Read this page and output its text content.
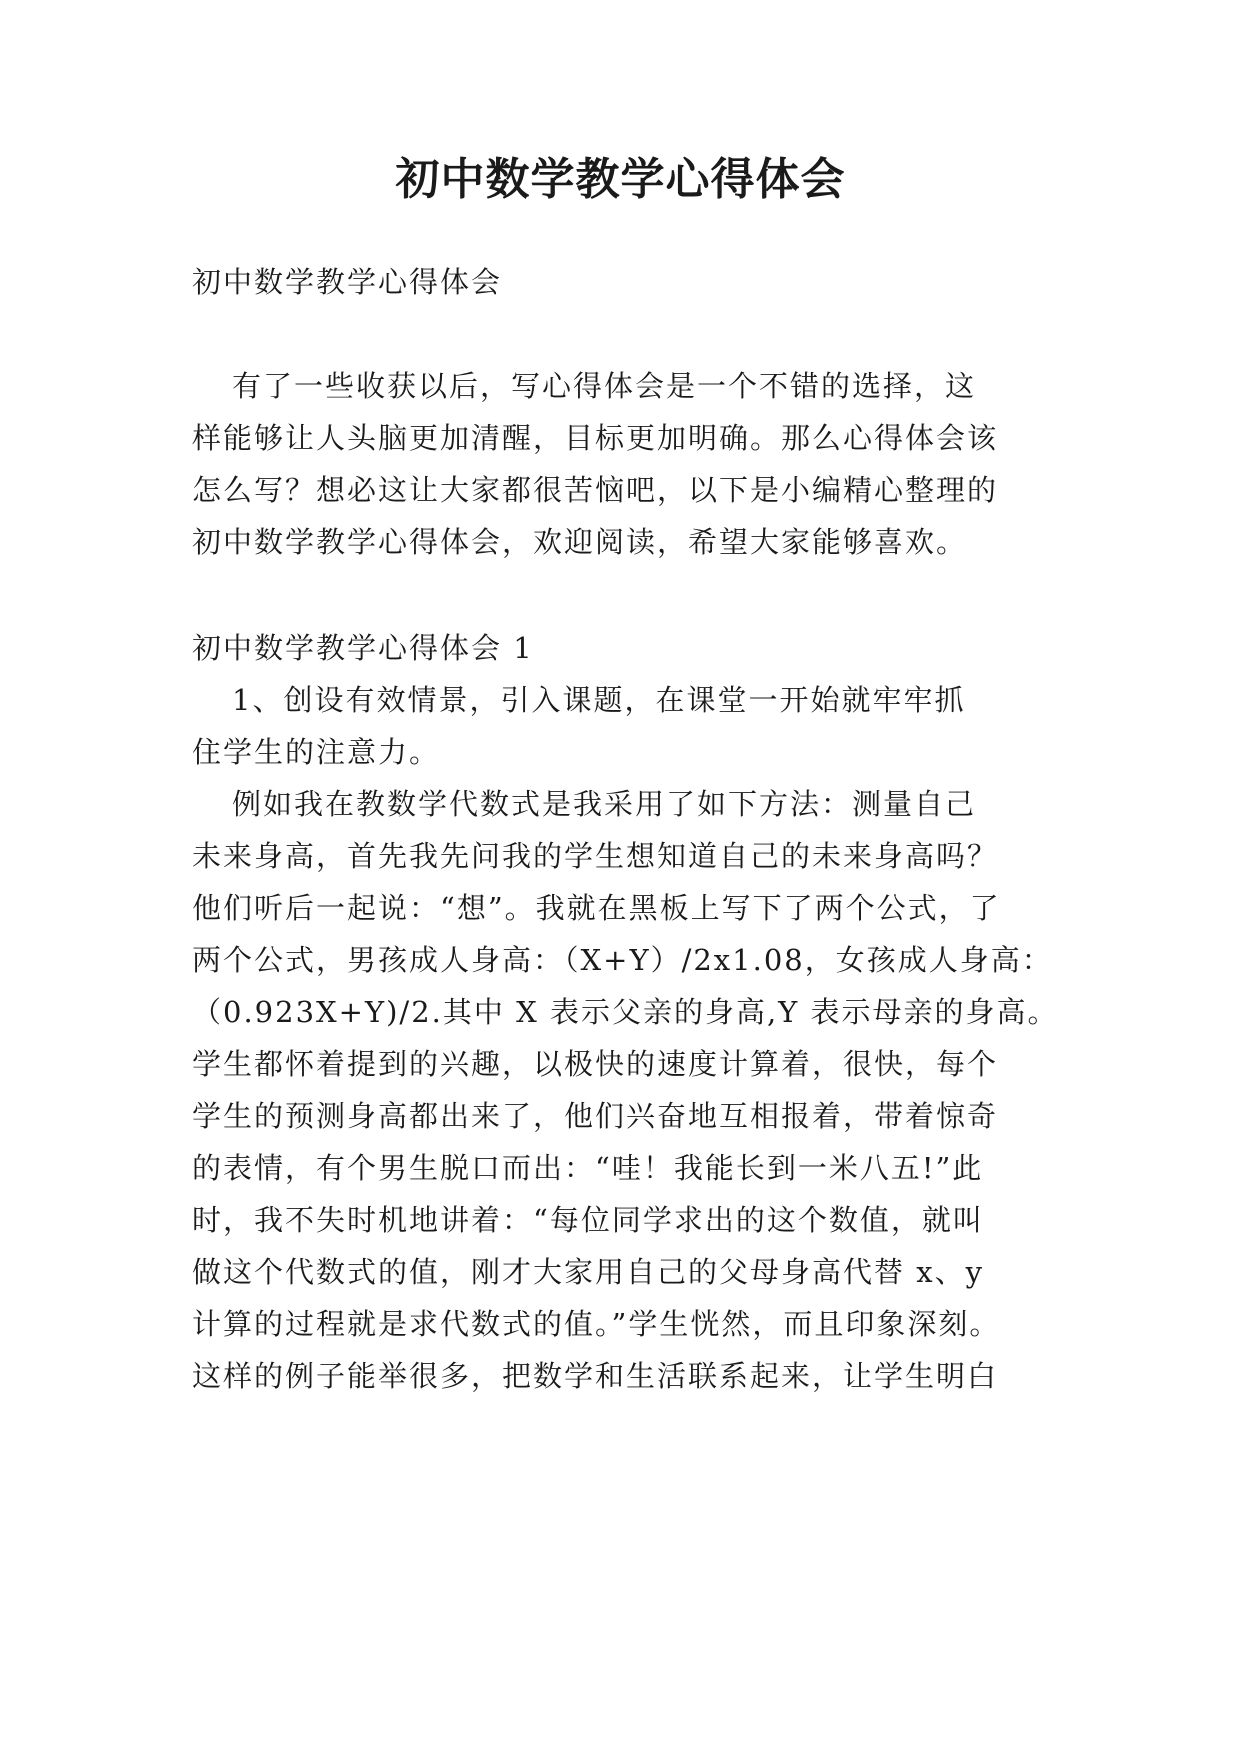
初中数学教学心得体会

初中数学教学心得体会

有了一些收获以后，写心得体会是一个不错的选择，这

样能够让人头脑更加清醒，目标更加明确。那么心得体会该

怎么写？想必这让大家都很苦恼吧，以下是小编精心整理的

初中数学教学心得体会，欢迎阅读，希望大家能够喜欢。

初中数学教学心得体会 1

1、创设有效情景，引入课题，在课堂一开始就牢牢抓

住学生的注意力。

例如我在教数学代数式是我采用了如下方法：测量自己

未来身高，首先我先问我的学生想知道自己的未来身高吗？

他们听后一起说：“想”。我就在黑板上写下了两个公式，了

两个公式，男孩成人身高：（X+Y）/2x1.08，女孩成人身高：

（0.923X+Y)/2.其中 X 表示父亲的身高,Y 表示母亲的身高。

学生都怀着提到的兴趣，以极快的速度计算着，很快，每个

学生的预测身高都出来了，他们兴奋地互相报着，带着惊奇

的表情，有个男生脱口而出：“哇！我能长到一米八五!”此

时，我不失时机地讲着：“每位同学求出的这个数值，就叫

做这个代数式的值，刚才大家用自己的父母身高代替 x、y

计算的过程就是求代数式的值。”学生恍然，而且印象深刻。

这样的例子能举很多，把数学和生活联系起来，让学生明白
